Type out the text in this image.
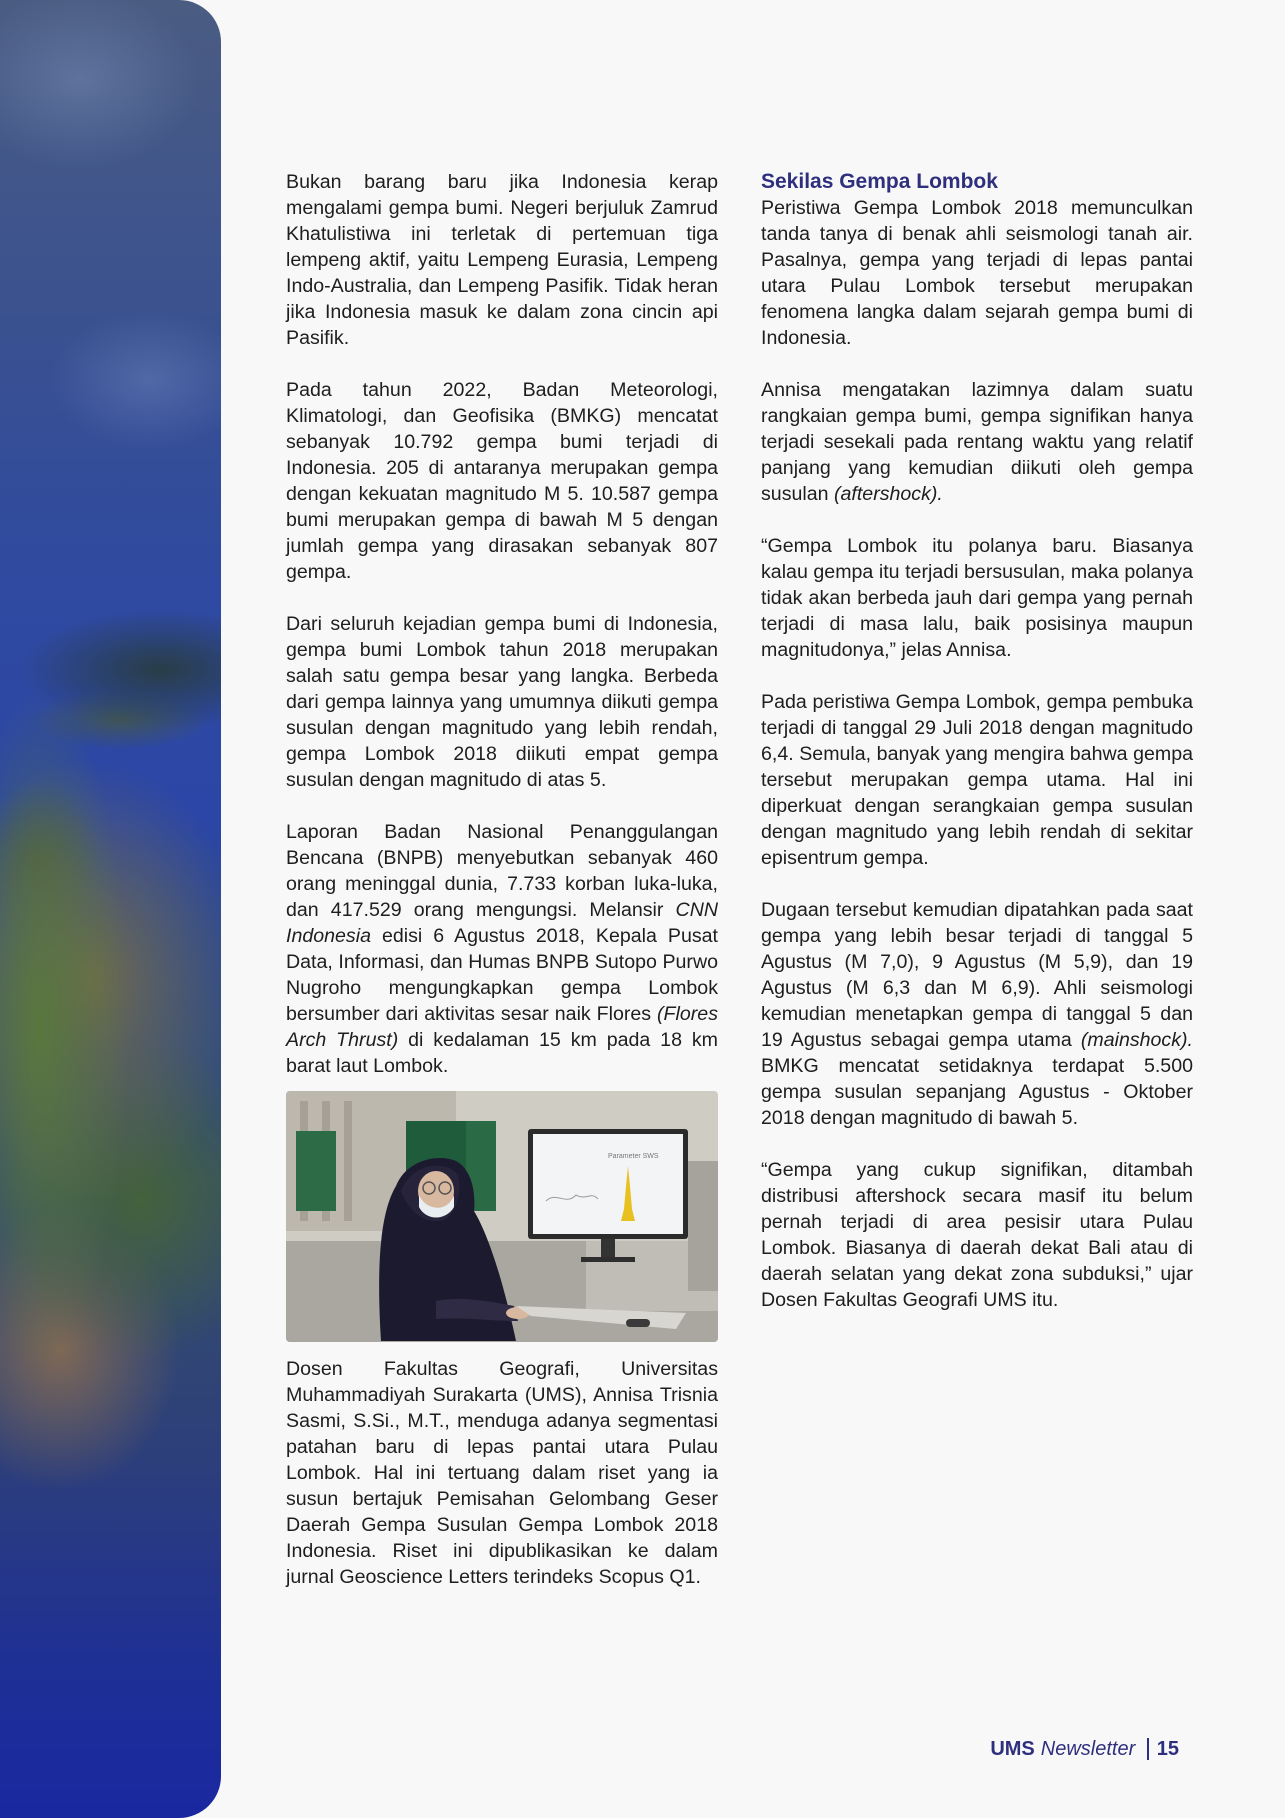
Bukan barang baru jika Indonesia kerap mengalami gempa bumi. Negeri berjuluk Zamrud Khatulistiwa ini terletak di pertemuan tiga lempeng aktif, yaitu Lempeng Eurasia, Lempeng Indo-Australia, dan Lempeng Pasifik. Tidak heran jika Indonesia masuk ke dalam zona cincin api Pasifik.

Pada tahun 2022, Badan Meteorologi, Klimatologi, dan Geofisika (BMKG) mencatat sebanyak 10.792 gempa bumi terjadi di Indonesia. 205 di antaranya merupakan gempa dengan kekuatan magnitudo M 5. 10.587 gempa bumi merupakan gempa di bawah M 5 dengan jumlah gempa yang dirasakan sebanyak 807 gempa.

Dari seluruh kejadian gempa bumi di Indonesia, gempa bumi Lombok tahun 2018 merupakan salah satu gempa besar yang langka. Berbeda dari gempa lainnya yang umumnya diikuti gempa susulan dengan magnitudo yang lebih rendah, gempa Lombok 2018 diikuti empat gempa susulan dengan magnitudo di atas 5.

Laporan Badan Nasional Penanggulangan Bencana (BNPB) menyebutkan sebanyak 460 orang meninggal dunia, 7.733 korban luka-luka, dan 417.529 orang mengungsi. Melansir CNN Indonesia edisi 6 Agustus 2018, Kepala Pusat Data, Informasi, dan Humas BNPB Sutopo Purwo Nugroho mengungkapkan gempa Lombok bersumber dari aktivitas sesar naik Flores (Flores Arch Thrust) di kedalaman 15 km pada 18 km barat laut Lombok.

Parameter SWS

Dosen Fakultas Geografi, Universitas Muhammadiyah Surakarta (UMS), Annisa Trisnia Sasmi, S.Si., M.T., menduga adanya segmentasi patahan baru di lepas pantai utara Pulau Lombok. Hal ini tertuang dalam riset yang ia susun bertajuk Pemisahan Gelombang Geser Daerah Gempa Susulan Gempa Lombok 2018 Indonesia. Riset ini dipublikasikan ke dalam jurnal Geoscience Letters terindeks Scopus Q1.

Sekilas Gempa Lombok

Peristiwa Gempa Lombok 2018 memunculkan tanda tanya di benak ahli seismologi tanah air. Pasalnya, gempa yang terjadi di lepas pantai utara Pulau Lombok tersebut merupakan fenomena langka dalam sejarah gempa bumi di Indonesia.

Annisa mengatakan lazimnya dalam suatu rangkaian gempa bumi, gempa signifikan hanya terjadi sesekali pada rentang waktu yang relatif panjang yang kemudian diikuti oleh gempa susulan (aftershock).

“Gempa Lombok itu polanya baru. Biasanya kalau gempa itu terjadi bersusulan, maka polanya tidak akan berbeda jauh dari gempa yang pernah terjadi di masa lalu, baik posisinya maupun magnitudonya,” jelas Annisa.

Pada peristiwa Gempa Lombok, gempa pembuka terjadi di tanggal 29 Juli 2018 dengan magnitudo 6,4. Semula, banyak yang mengira bahwa gempa tersebut merupakan gempa utama. Hal ini diperkuat dengan serangkaian gempa susulan dengan magnitudo yang lebih rendah di sekitar episentrum gempa.

Dugaan tersebut kemudian dipatahkan pada saat gempa yang lebih besar terjadi di tanggal 5 Agustus (M 7,0), 9 Agustus (M 5,9), dan 19 Agustus (M 6,3 dan M 6,9). Ahli seismologi kemudian menetapkan gempa di tanggal 5 dan 19 Agustus sebagai gempa utama (mainshock). BMKG mencatat setidaknya terdapat 5.500 gempa susulan sepanjang Agustus - Oktober 2018 dengan magnitudo di bawah 5.

“Gempa yang cukup signifikan, ditambah distribusi aftershock secara masif itu belum pernah terjadi di area pesisir utara Pulau Lombok. Biasanya di daerah dekat Bali atau di daerah selatan yang dekat zona subduksi,” ujar Dosen Fakultas Geografi UMS itu.

UMS Newsletter 15
